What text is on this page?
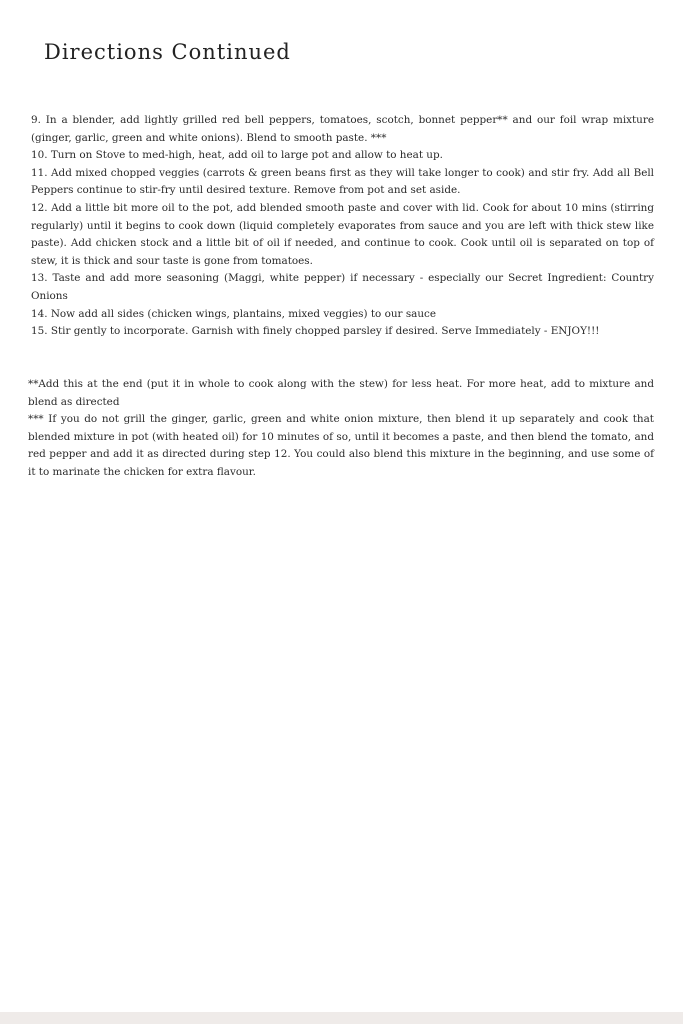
Directions Continued

9. In a blender, add lightly grilled red bell peppers, tomatoes, scotch, bonnet pepper** and our foil wrap mixture (ginger, garlic, green and white onions). Blend to smooth paste. ***

10. Turn on Stove to med-high, heat, add oil to large pot and allow to heat up.

11. Add mixed chopped veggies (carrots & green beans first as they will take longer to cook) and stir fry. Add all Bell Peppers continue to stir-fry until desired texture. Remove from pot and set aside.

12. Add a little bit more oil to the pot, add blended smooth paste and cover with lid. Cook for about 10 mins (stirring regularly) until it begins to cook down (liquid completely evaporates from sauce and you are left with thick stew like paste). Add chicken stock and a little bit of oil if needed, and continue to cook. Cook until oil is separated on top of stew, it is thick and sour taste is gone from tomatoes.

13. Taste and add more seasoning (Maggi, white pepper) if necessary - especially our Secret Ingredient: Country Onions

14. Now add all sides (chicken wings, plantains, mixed veggies) to our sauce

15. Stir gently to incorporate. Garnish with finely chopped parsley if desired. Serve Immediately - ENJOY!!!

**Add this at the end (put it in whole to cook along with the stew) for less heat. For more heat, add to mixture and blend as directed

*** If you do not grill the ginger, garlic, green and white onion mixture, then blend it up separately and cook that blended mixture in pot (with heated oil) for 10 minutes of so, until it becomes a paste, and then blend the tomato, and red pepper and add it as directed during step 12. You could also blend this mixture in the beginning, and use some of it to marinate the chicken for extra flavour.
